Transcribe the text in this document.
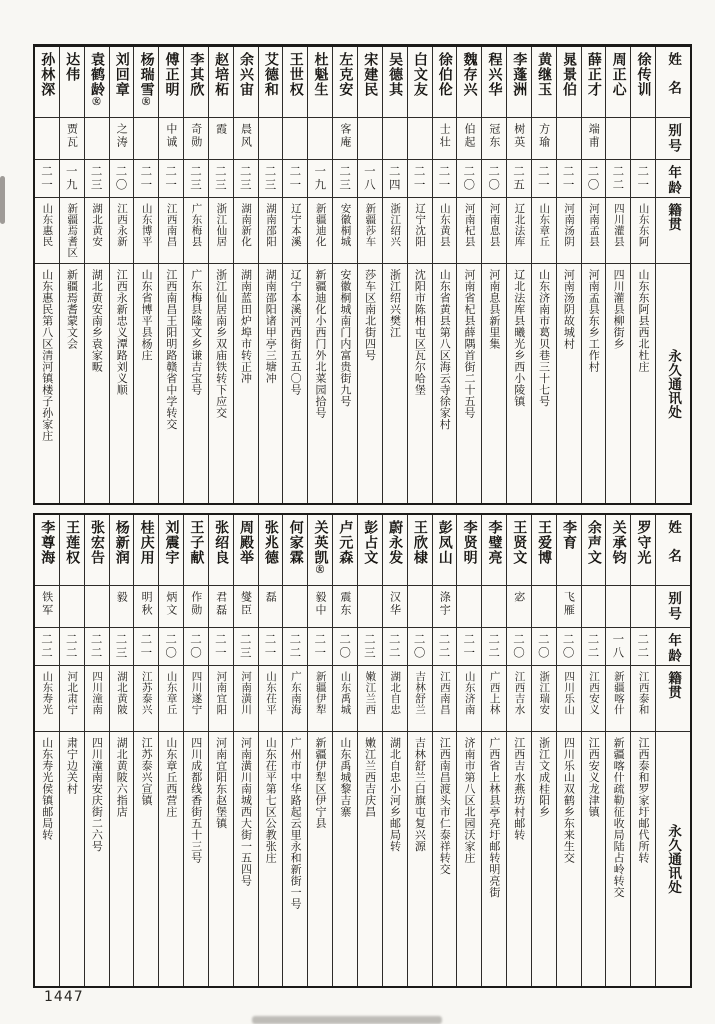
孙林深
二一
山东惠民
山东惠民第八区清河镇楼子孙家庄
达伟
贾瓦
一九
新疆焉耆区
新疆焉耆蒙文会
袁鹤龄㊛
二三
湖北黄安
湖北黄安南乡袁家畈
刘回章
之涛
二〇
江西永新
江西永新忠义潭路刘义顺
杨瑞雪㊛
二一
山东博平
山东省博平县杨庄
傅正明
中诚
二一
江西南昌
江西南昌王阳明路赣省中学转交
李其欣
奇勋
二三
广东梅县
广东梅县隆文乡谦吉宝号
赵培柘
霞
二三
浙江仙居
浙江仙居南乡双庙铁转下应交
余兴宙
晨风
二三
湖南新化
湖南蓝田炉埠市转正冲
艾德和
二三
湖南邵阳
湖南邵阳诸甲亭三塘冲
王世权
二一
辽宁本溪
辽宁本溪河西街五五〇号
杜魁生
一九
新疆迪化
新疆迪化小西门外北菜园拾号
左克安
客庵
二三
安徽桐城
安徽桐城南门内富贵街九号
宋建民
一八
新疆莎车
莎车区南北街四号
吴德其
二四
浙江绍兴
浙江绍兴樊江
白文友
二一
辽宁沈阳
沈阳市陈相屯区瓦尔哈堡
徐伯伦
士壮
二一
山东黄县
山东省黄县第八区海云寺徐家村
魏存兴
伯起
二〇
河南杞县
河南省杞县薛隅首街二十五号
程兴华
冠东
二〇
河南息县
河南息县新里集
李蓬洲
树英
二五
辽北法库
辽北法库县曦光乡西小陵镇
黄继玉
方瑜
二一
山东章丘
山东济南市葛贝巷三十七号
晁景伯
二一
河南汤阴
河南汤阴故城村
薛正才
端甫
二〇
河南孟县
河南孟县东乡工作村
周正心
二二
四川灌县
四川灌县柳街乡
徐传训
二一
山东东阿
山东东阿县西北杜庄
姓名
别号
年龄
籍贯
永久通讯处
李尊海
铁军
二二
山东寿光
山东寿光侯镇邮局转
王莲权
二二
河北肃宁
肃宁边关村
张宏告
二二
四川潼南
四川潼南安庆街二六号
杨新润
毅
二三
湖北黄陂
湖北黄陂六指店
桂庆用
明秋
二一
江苏泰兴
江苏泰兴宣镇
刘震宇
炳文
二〇
山东章丘
山东章丘西营庄
王子献
作勋
二〇
四川遂宁
四川成都线香街五十三号
张绍良
君磊
二一
河南宜阳
河南宜阳东赵堡镇
周殿举
燮臣
二三
河南潢川
河南潢川南城西大街一五四号
张兆德
磊
二一
山东茌平
山东茌平第七区公教张庄
何家霖
二二
广东南海
广州市中华路起云里永和新街一号
关英凯㊛
毅中
二一
新疆伊犁
新疆伊犁区伊宁县
卢元森
震东
二〇
山东禹城
山东禹城黎吉寨
彭占文
二三
嫩江兰西
嫩江兰西吉庆昌
蔚永发
汉华
二二
湖北自忠
湖北自忠小河乡邮局转
王欣棣
二〇
吉林舒兰
吉林舒兰白旗屯复兴源
彭凤山
涤宇
二二
江西南昌
江西南昌渡头市仁泰祥转交
李贤明
二一
山东济南
济南市第八区北园沃家庄
李璧亮
二二
广西上林
广西省上林县亭亮圩邮转明亮街
王贤文
宓
二〇
江西吉水
江西吉水燕坊村邮转
王爱博
二〇
浙江瑞安
浙江文成桂阳乡
李育
飞雁
二〇
四川乐山
四川乐山双鹤乡东来生交
余声文
二二
江西安义
江西安义龙津镇
关承钧
一八
新疆喀什
新疆喀什疏勒征收局陆占岭转交
罗守光
二二
江西泰和
江西泰和罗家圩邮代所转
姓名
别号
年龄
籍贯
永久通讯处
1447
